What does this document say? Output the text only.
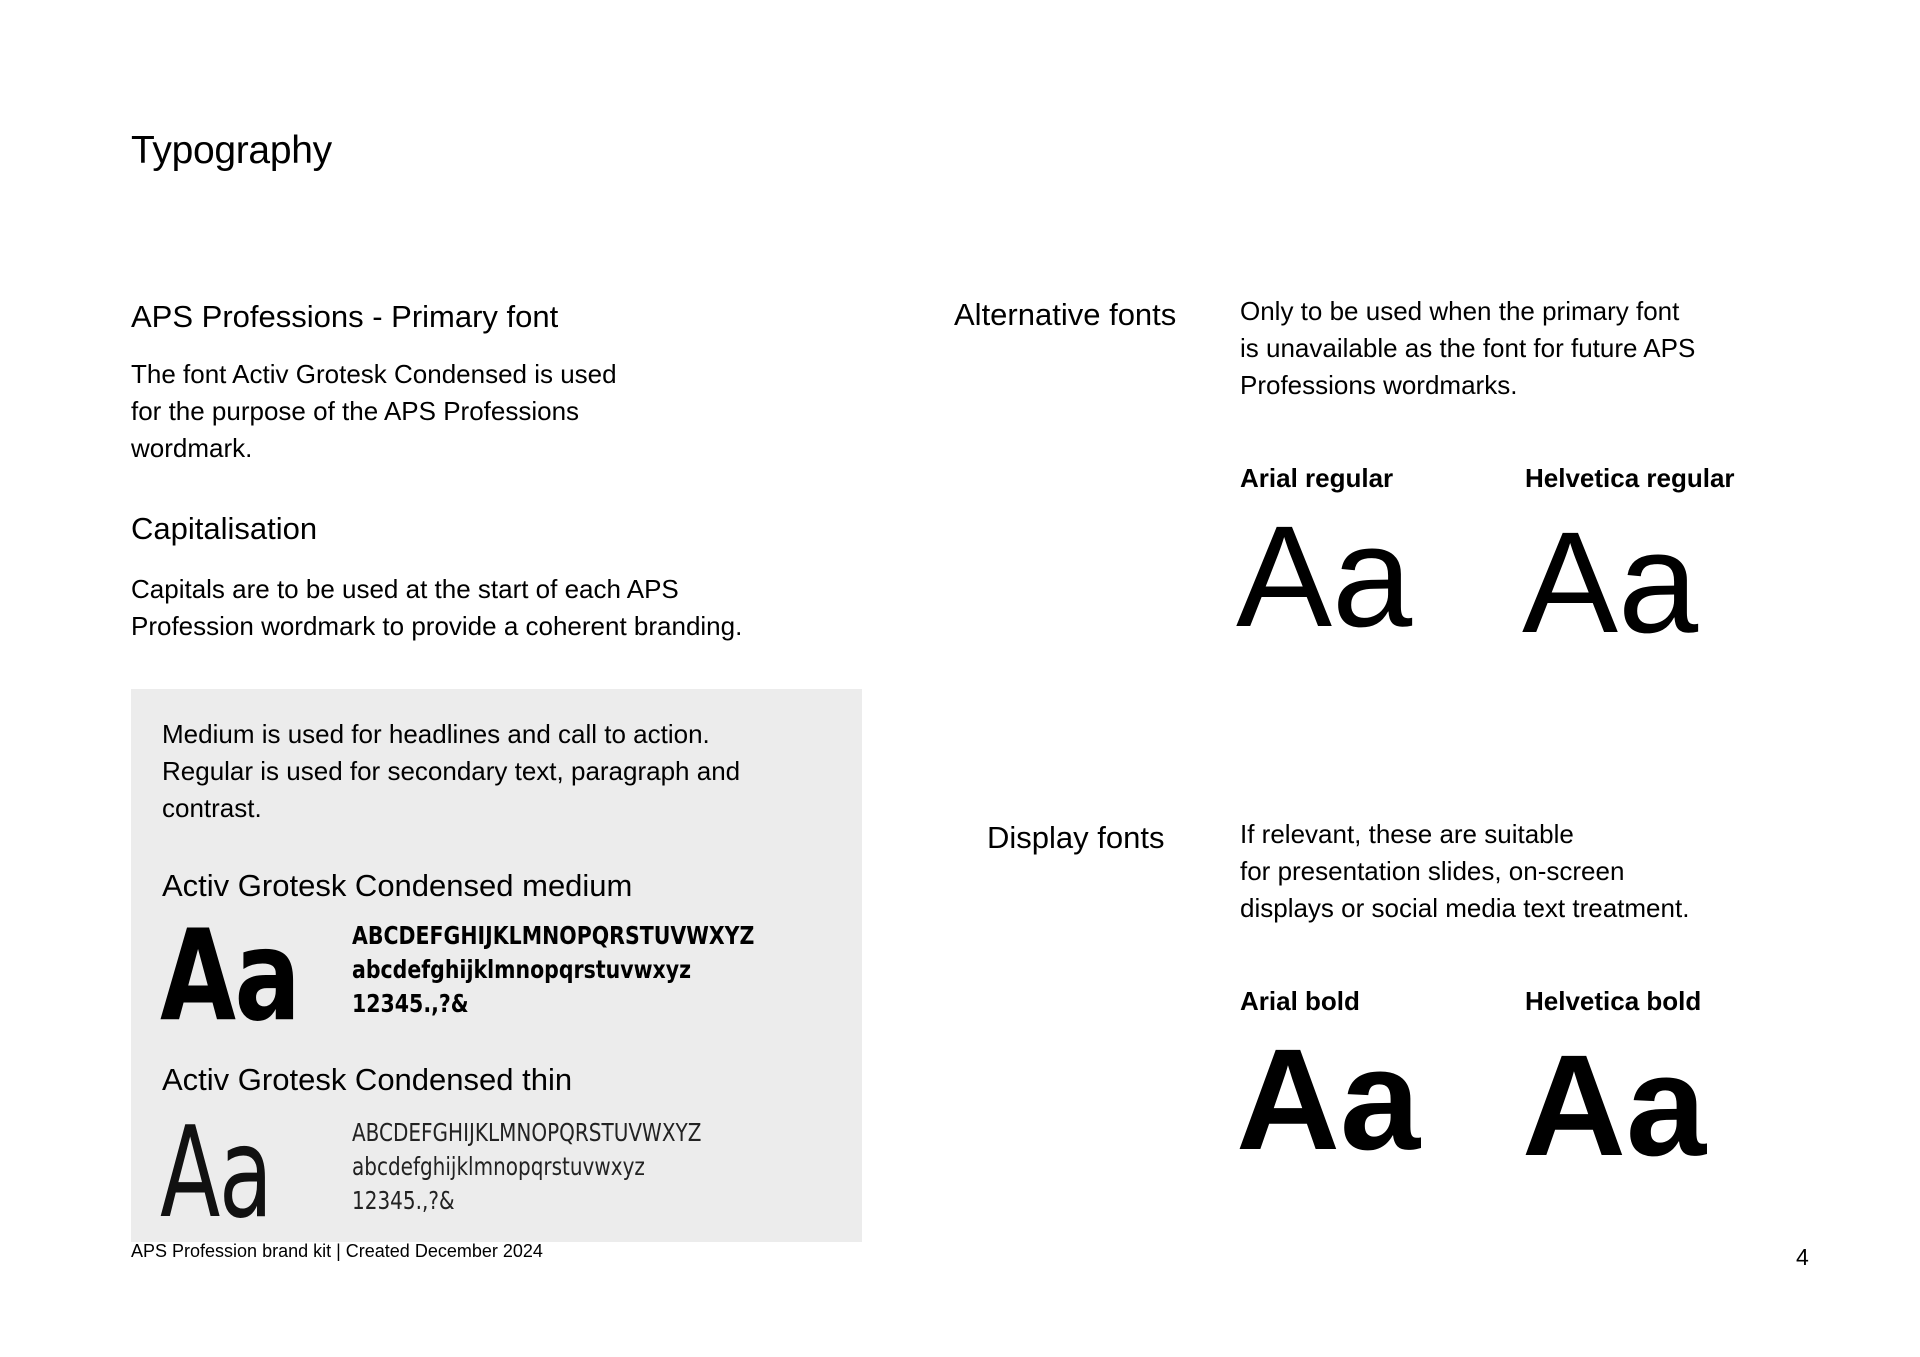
Typography
APS Professions - Primary font
The font Activ Grotesk Condensed is used
for the purpose of the APS Professions
wordmark.
Capitalisation
Capitals are to be used at the start of each APS
Profession wordmark to provide a coherent branding.
Medium is used for headlines and call to action.
Regular is used for secondary text, paragraph and
contrast.
Activ Grotesk Condensed medium
Aa ABCDEFGHIJKLMNOPQRSTUVWXYZ
abcdefghijklmnopqrstuvwxyz
12345.,?&
Activ Grotesk Condensed thin
Aa	ABCDEFGHIJKLMNOPQRSTUVWXYZ
abcdefghijklmnopqrstuvwxyz
12345.,?&
Alternative fonts Only to be used when the primary font
is unavailable as the font for future APS
Professions wordmarks.
Arial regular
Aa
Helvetica regular
Aa
Display fonts	If relevant, these are suitable
for presentation slides, on-screen
displays or social media text treatment.
Arial bold
Aa
Helvetica bold
Aa
APS Profession brand kit | Created December 2024	4
